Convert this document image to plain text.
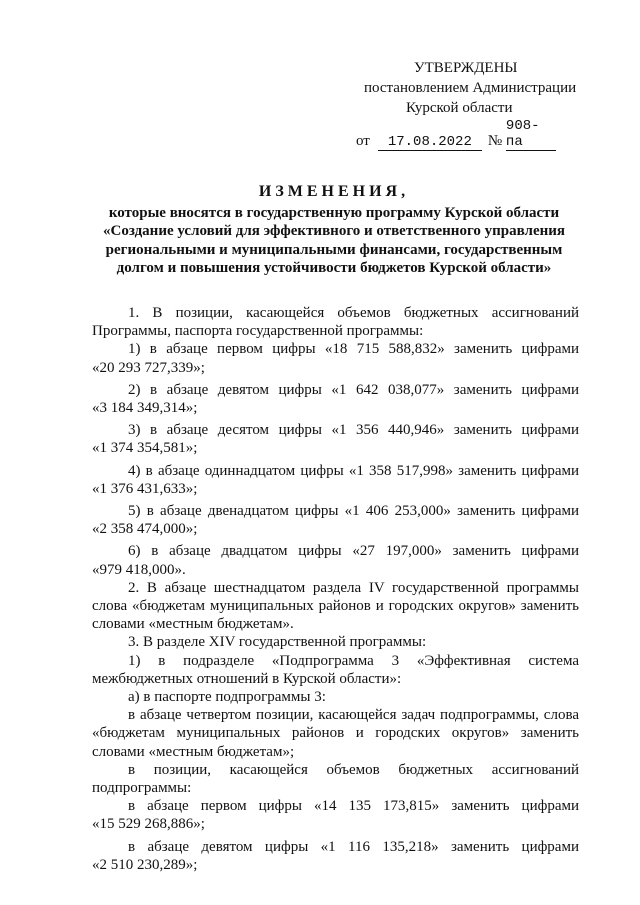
УТВЕРЖДЕНЫ
постановлением Администрации
Курской области
от 17.08.2022 № 908-па
ИЗМЕНЕНИЯ,
которые вносятся в государственную программу Курской области
«Создание условий для эффективного и ответственного управления
региональными и муниципальными финансами, государственным
долгом и повышения устойчивости бюджетов Курской области»
1. В позиции, касающейся объемов бюджетных ассигнований
Программы, паспорта государственной программы:
1) в абзаце первом цифры «18 715 588,832» заменить цифрами
«20 293 727,339»;
2) в абзаце девятом цифры «1 642 038,077» заменить цифрами
«3 184 349,314»;
3) в абзаце десятом цифры «1 356 440,946» заменить цифрами
«1 374 354,581»;
4) в абзаце одиннадцатом цифры «1 358 517,998» заменить цифрами
«1 376 431,633»;
5) в абзаце двенадцатом цифры «1 406 253,000» заменить цифрами
«2 358 474,000»;
6) в абзаце двадцатом цифры «27 197,000» заменить цифрами
«979 418,000».
2. В абзаце шестнадцатом раздела IV государственной программы
слова «бюджетам муниципальных районов и городских округов» заменить
словами «местным бюджетам».
3. В разделе XIV государственной программы:
1) в подразделе «Подпрограмма 3 «Эффективная система
межбюджетных отношений в Курской области»:
а) в паспорте подпрограммы 3:
в абзаце четвертом позиции, касающейся задач подпрограммы, слова
«бюджетам муниципальных районов и городских округов» заменить
словами «местным бюджетам»;
в позиции, касающейся объемов бюджетных ассигнований
подпрограммы:
в абзаце первом цифры «14 135 173,815» заменить цифрами
«15 529 268,886»;
в абзаце девятом цифры «1 116 135,218» заменить цифрами
«2 510 230,289»;
